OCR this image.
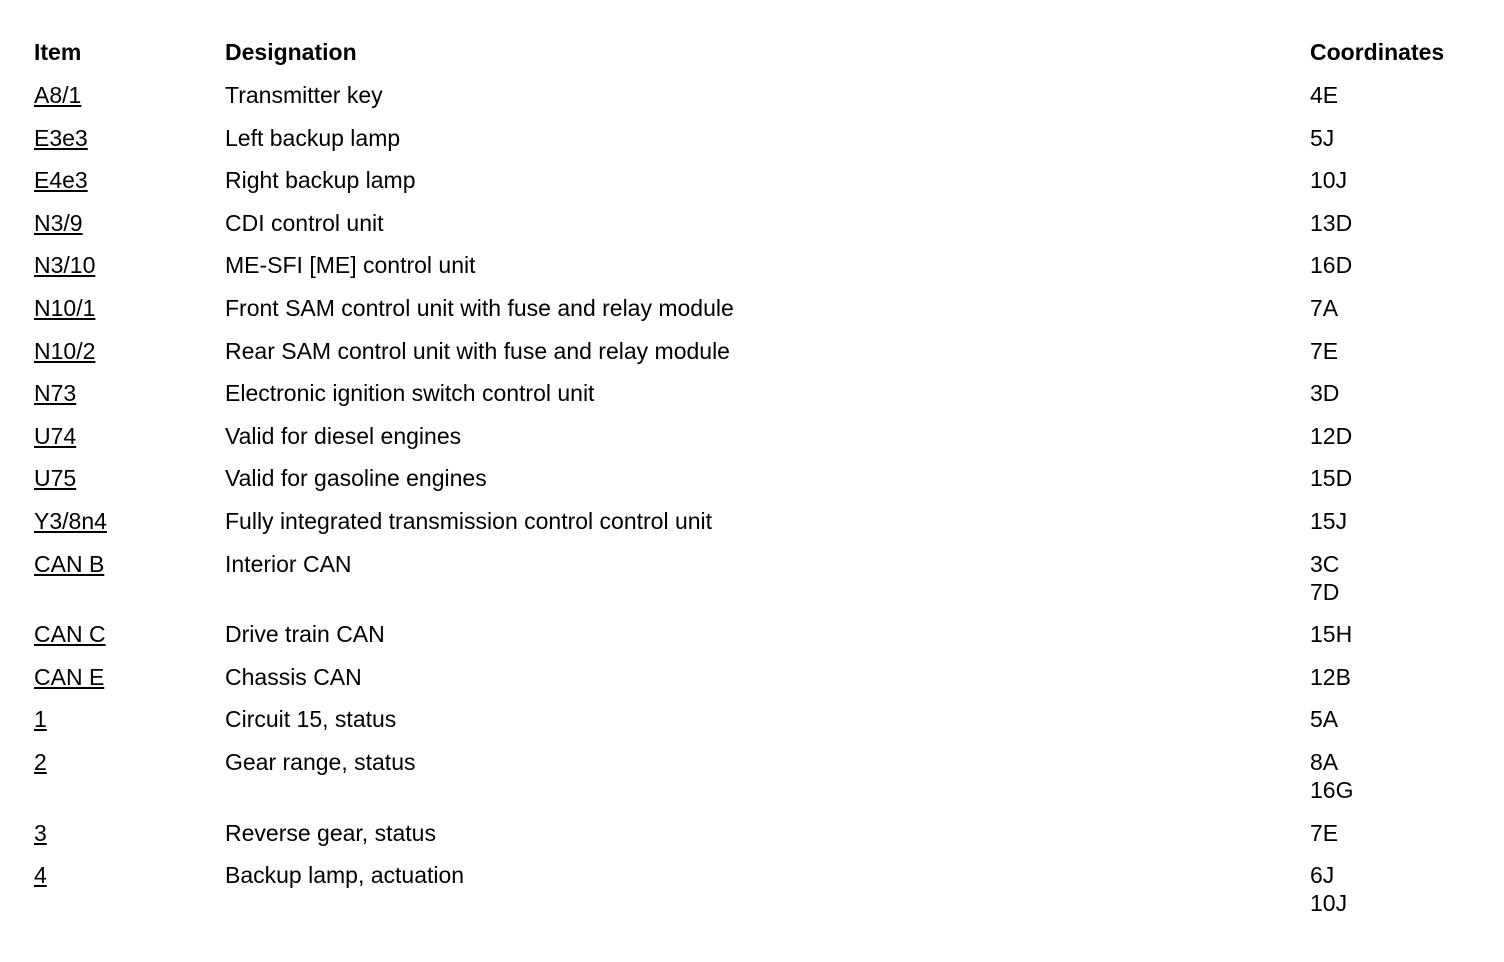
Item	Designation	Coordinates
A8/1	Transmitter key	4E

E3e3	Left backup lamp	5J

E4e3	Right backup lamp	10J

N3/9	CDI control unit	13D

N3/10	ME-SFI [ME] control unit	16D

N10/1	Front SAM control unit with fuse and relay module	7A

N10/2	Rear SAM control unit with fuse and relay module	7E

N73	Electronic ignition switch control unit	3D

U74	Valid for diesel engines	12D

U75	Valid for gasoline engines	15D

Y3/8n4	Fully integrated transmission control control unit	15J

CAN B	Interior CAN	3C
7D

CAN C	Drive train CAN	15H

CAN E	Chassis CAN	12B

1	Circuit 15, status	5A

2	Gear range, status	8A
16G

3	Reverse gear, status	7E

4	Backup lamp, actuation	6J
10J
